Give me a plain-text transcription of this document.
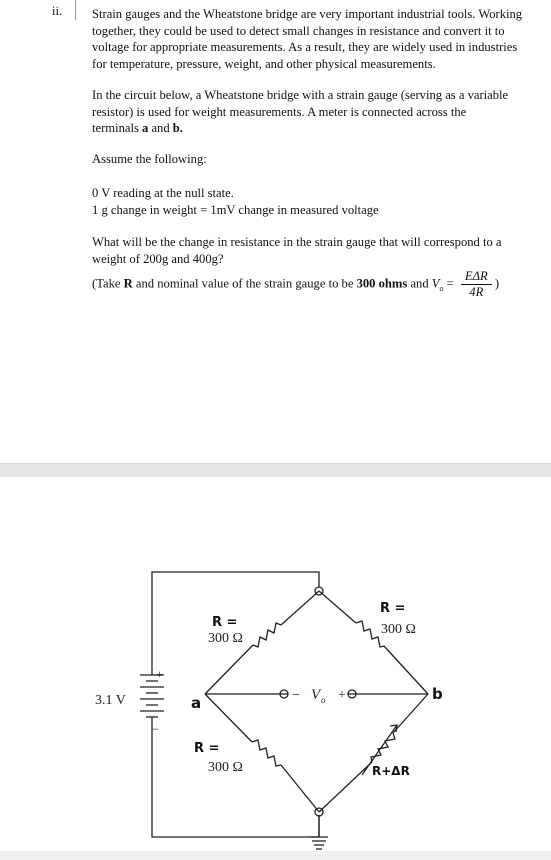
ii. Strain gauges and the Wheatstone bridge are very important industrial tools. Working
together, they could be used to detect small changes in resistance and convert it to
voltage for appropriate measurements. As a result, they are widely used in industries
for temperature, pressure, weight, and other physical measurements.
In the circuit below, a Wheatstone bridge with a strain gauge (serving as a variable
resistor) is used for weight measurements. A meter is connected across the
terminals a and b.
Assume the following:
0 V reading at the null state.
1 g change in weight = 1mV change in measured voltage
What will be the change in resistance in the strain gauge that will correspond to a
weight of 200g and 400g?
(Take R and nominal value of the strain gauge to be 300 ohms and $V_o = \frac{\text{EΔR}}{4R}$ )
3.1 V
+
−
300 Ω
300 Ω
300 Ω
− V o +
R =
R =
R =
a	b
R+ΔR
